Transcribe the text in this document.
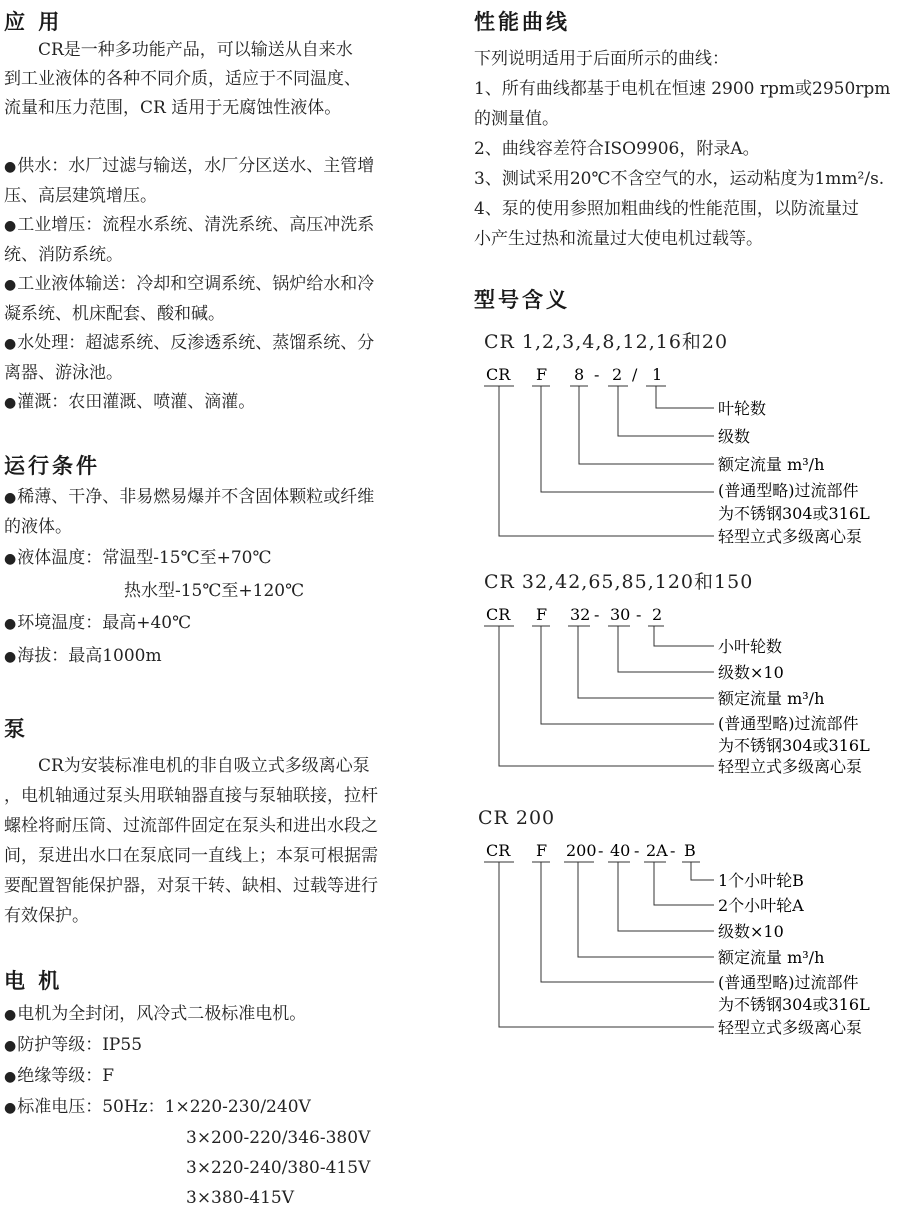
应 用

CR是一种多功能产品，可以输送从自来水

到工业液体的各种不同介质，适应于不同温度、

流量和压力范围，CR 适用于无腐蚀性液体。

● 供水：水厂过滤与输送，水厂分区送水、主管增

压、高层建筑增压。

● 工业增压：流程水系统、清洗系统、高压冲洗系

统、消防系统。

● 工业液体输送：冷却和空调系统、锅炉给水和冷

凝系统、机床配套、酸和碱。

● 水处理：超滤系统、反渗透系统、蒸馏系统、分

离器、游泳池。

● 灌溉：农田灌溉、喷灌、滴灌。

运行条件

● 稀薄、干净、非易燃易爆并不含固体颗粒或纤维

的液体。

● 液体温度：常温型-15℃至+70℃

热水型-15℃至+120℃

● 环境温度：最高+40℃

● 海拔：最高1000m

泵

CR为安装标准电机的非自吸立式多级离心泵

，电机轴通过泵头用联轴器直接与泵轴联接，拉杆

螺栓将耐压筒、过流部件固定在泵头和进出水段之

间，泵进出水口在泵底同一直线上；本泵可根据需

要配置智能保护器，对泵干转、缺相、过载等进行

有效保护。

电 机

● 电机为全封闭，风冷式二极标准电机。

● 防护等级：IP55

● 绝缘等级：F

● 标准电压：50Hz：1×220-230/240V

3×200-220/346-380V

3×220-240/380-415V

3×380-415V

性能曲线

下列说明适用于后面所示的曲线：

1、所有曲线都基于电机在恒速 2900 rpm或2950rpm

的测量值。

2、曲线容差符合ISO9906，附录A。

3、测试采用20℃不含空气的水，运动粘度为1mm²/s.

4、泵的使用参照加粗曲线的性能范围，以防流量过

小产生过热和流量过大使电机过载等。

型号含义

CR 1,2,3,4,8,12,16和20

CR F 8 - 2 / 1
叶轮数
级数
额定流量 m³/h
(普通型略)过流部件
为不锈钢304或316L
轻型立式多级离心泵

CR 32,42,65,85,120和150

CR F 32 - 30 - 2
小叶轮数
级数×10
额定流量 m³/h
(普通型略)过流部件
为不锈钢304或316L
轻型立式多级离心泵

CR 200

CR F 200 - 40 - 2A - B
1个小叶轮B
2个小叶轮A
级数×10
额定流量 m³/h
(普通型略)过流部件
为不锈钢304或316L
轻型立式多级离心泵
